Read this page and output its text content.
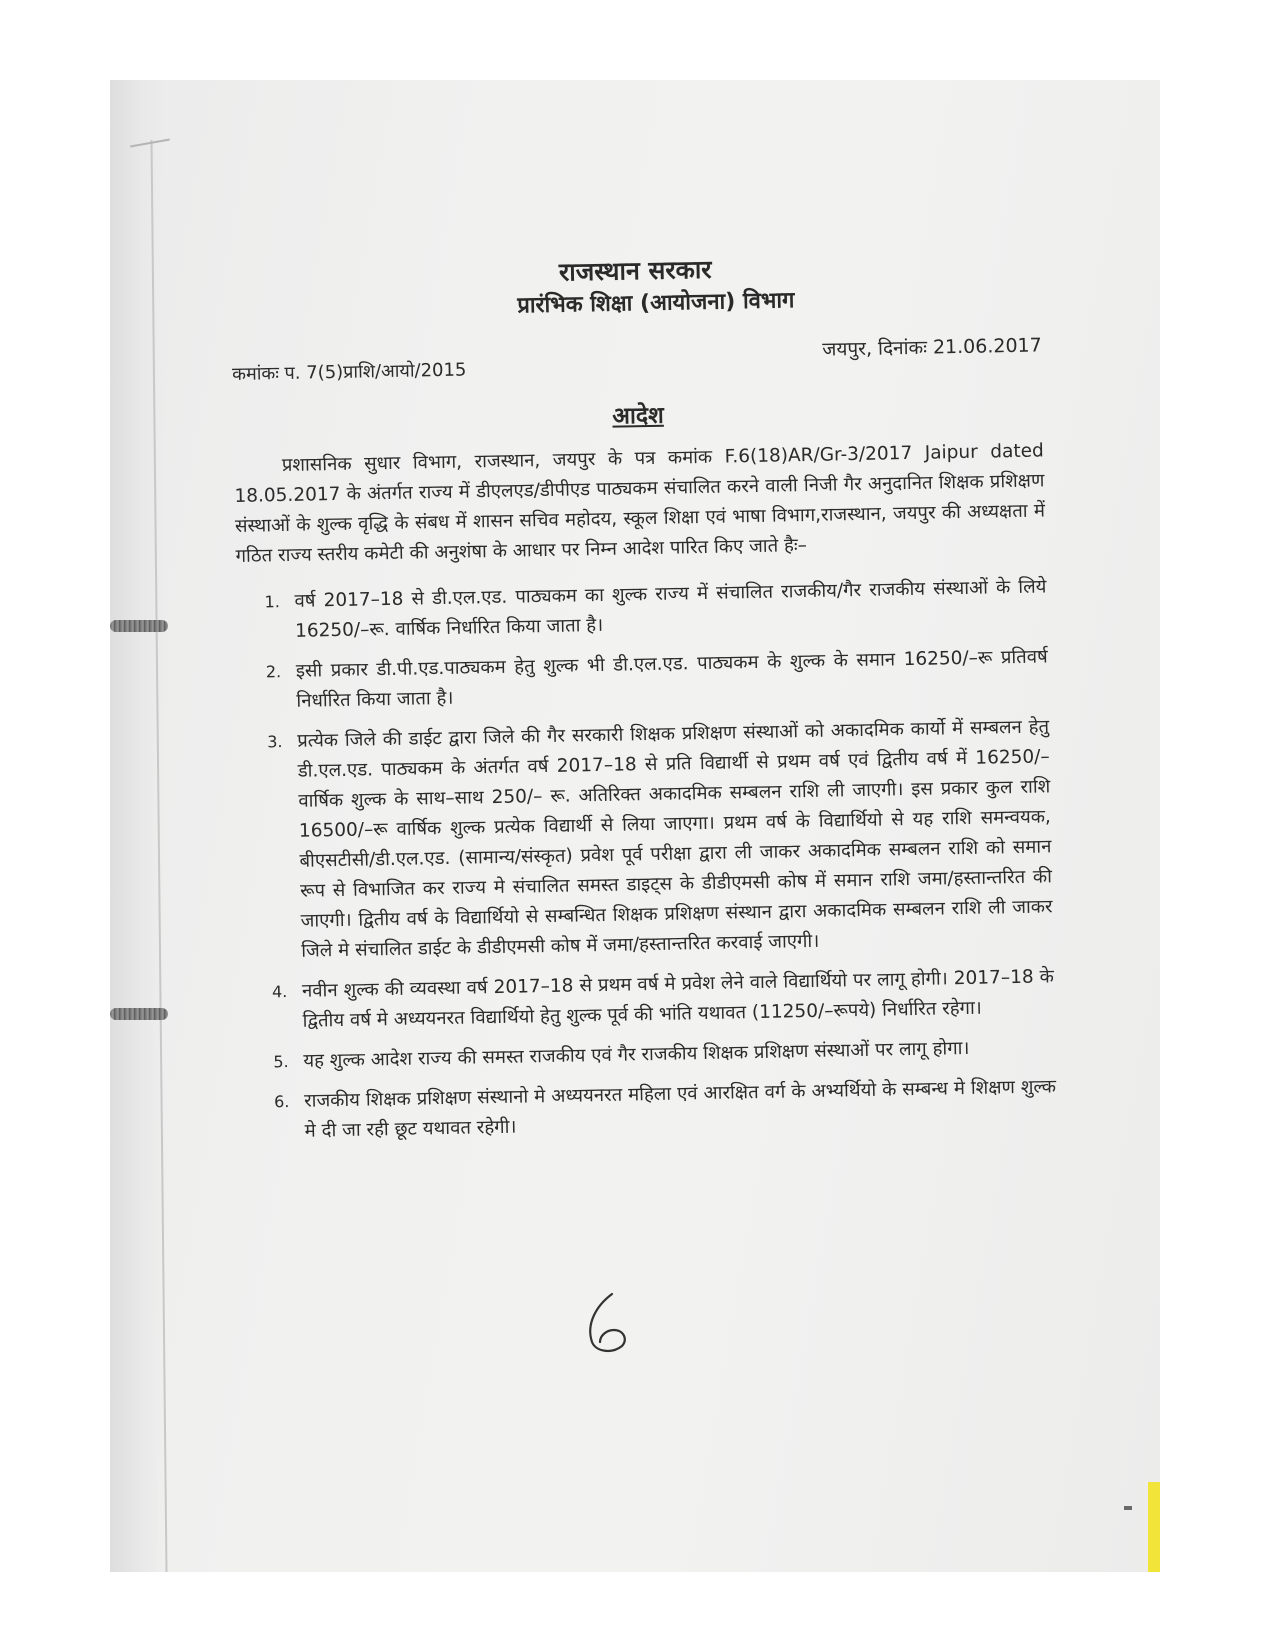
राजस्थान सरकार
प्रारंभिक शिक्षा (आयोजना) विभाग
कमांकः प. 7(5)प्राशि/आयो/2015
जयपुर, दिनांकः 21.06.2017
आदेश

प्रशासनिक सुधार विभाग, राजस्थान, जयपुर के पत्र कमांक F.6(18)AR/Gr-3/2017 Jaipur dated 18.05.2017 के अंतर्गत राज्य में डीएलएड/डीपीएड पाठ्यकम संचालित करने वाली निजी गैर अनुदानित शिक्षक प्रशिक्षण संस्थाओं के शुल्क वृद्धि के संबध में शासन सचिव महोदय, स्कूल शिक्षा एवं भाषा विभाग,राजस्थान, जयपुर की अध्यक्षता में गठित राज्य स्तरीय कमेटी की अनुशंषा के आधार पर निम्न आदेश पारित किए जाते हैः–

1. वर्ष 2017–18 से डी.एल.एड. पाठ्यकम का शुल्क राज्य में संचालित राजकीय/गैर राजकीय संस्थाओं के लिये 16250/–रू. वार्षिक निर्धारित किया जाता है।
2. इसी प्रकार डी.पी.एड.पाठ्यकम हेतु शुल्क भी डी.एल.एड. पाठ्यकम के शुल्क के समान 16250/–रू प्रतिवर्ष निर्धारित किया जाता है।
3. प्रत्येक जिले की डाईट द्वारा जिले की गैर सरकारी शिक्षक प्रशिक्षण संस्थाओं को अकादमिक कार्यो में सम्बलन हेतु डी.एल.एड. पाठ्यकम के अंतर्गत वर्ष 2017–18 से प्रति विद्यार्थी से प्रथम वर्ष एवं द्वितीय वर्ष में 16250/– वार्षिक शुल्क के साथ–साथ 250/– रू. अतिरिक्त अकादमिक सम्बलन राशि ली जाएगी। इस प्रकार कुल राशि 16500/–रू वार्षिक शुल्क प्रत्येक विद्यार्थी से लिया जाएगा। प्रथम वर्ष के विद्यार्थियो से यह राशि समन्वयक, बीएसटीसी/डी.एल.एड. (सामान्य/संस्कृत) प्रवेश पूर्व परीक्षा द्वारा ली जाकर अकादमिक सम्बलन राशि को समान रूप से विभाजित कर राज्य मे संचालित समस्त डाइट्स के डीडीएमसी कोष में समान राशि जमा/हस्तान्तरित की जाएगी। द्वितीय वर्ष के विद्यार्थियो से सम्बन्धित शिक्षक प्रशिक्षण संस्थान द्वारा अकादमिक सम्बलन राशि ली जाकर जिले मे संचालित डाईट के डीडीएमसी कोष में जमा/हस्तान्तरित करवाई जाएगी।
4. नवीन शुल्क की व्यवस्था वर्ष 2017–18 से प्रथम वर्ष मे प्रवेश लेने वाले विद्यार्थियो पर लागू होगी। 2017–18 के द्वितीय वर्ष मे अध्ययनरत विद्यार्थियो हेतु शुल्क पूर्व की भांति यथावत (11250/–रूपये) निर्धारित रहेगा।
5. यह शुल्क आदेश राज्य की समस्त राजकीय एवं गैर राजकीय शिक्षक प्रशिक्षण संस्थाओं पर लागू होगा।
6. राजकीय शिक्षक प्रशिक्षण संस्थानो मे अध्ययनरत महिला एवं आरक्षित वर्ग के अभ्यर्थियो के सम्बन्ध मे शिक्षण शुल्क मे दी जा रही छूट यथावत रहेगी।
